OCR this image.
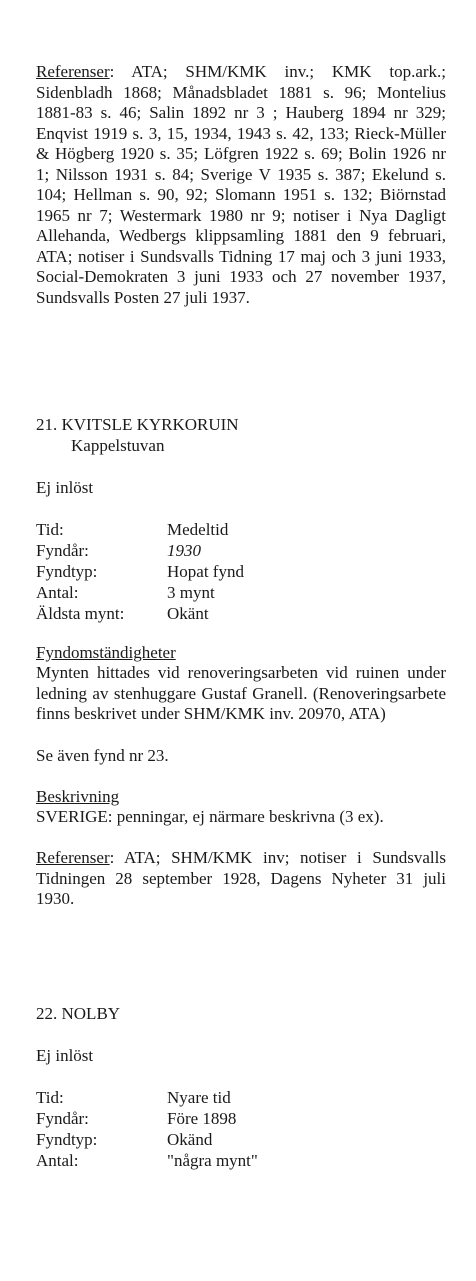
Referenser: ATA; SHM/KMK inv.; KMK top.ark.; Sidenbladh 1868; Månadsbladet 1881 s. 96; Montelius 1881-83 s. 46; Salin 1892 nr 3 ; Hauberg 1894 nr 329; Enqvist 1919 s. 3, 15, 1934, 1943 s. 42, 133; Rieck-Müller & Högberg 1920 s. 35; Löfgren 1922 s. 69; Bolin 1926 nr 1; Nilsson 1931 s. 84; Sverige V 1935 s. 387; Ekelund s. 104; Hellman s. 90, 92; Slomann 1951 s. 132; Biörnstad 1965 nr 7; Westermark 1980 nr 9; notiser i Nya Dagligt Allehanda, Wedbergs klippsamling 1881 den 9 februari, ATA; notiser i Sundsvalls Tidning 17 maj och 3 juni 1933, Social-Demokraten 3 juni 1933 och 27 november 1937, Sundsvalls Posten 27 juli 1937.

21. KVITSLE KYRKORUIN
Kappelstuvan
Ej inlöst
Tid:	Medeltid
Fyndår:	1930
Fyndtyp:	Hopat fynd
Antal:	3 mynt
Äldsta mynt:	Okänt
Fyndomständigheter

Mynten hittades vid renoveringsarbeten vid ruinen under ledning av stenhuggare Gustaf Granell. (Renoveringsarbete finns beskrivet under SHM/KMK inv. 20970, ATA)

Se även fynd nr 23.
Beskrivning

SVERIGE: penningar, ej närmare beskrivna (3 ex).

Referenser: ATA; SHM/KMK inv; notiser i Sundsvalls Tidningen 28 september 1928, Dagens Nyheter 31 juli 1930.

22. NOLBY
Ej inlöst
Tid:	Nyare tid
Fyndår:	Före 1898
Fyndtyp:	Okänd
Antal:	"några mynt"
